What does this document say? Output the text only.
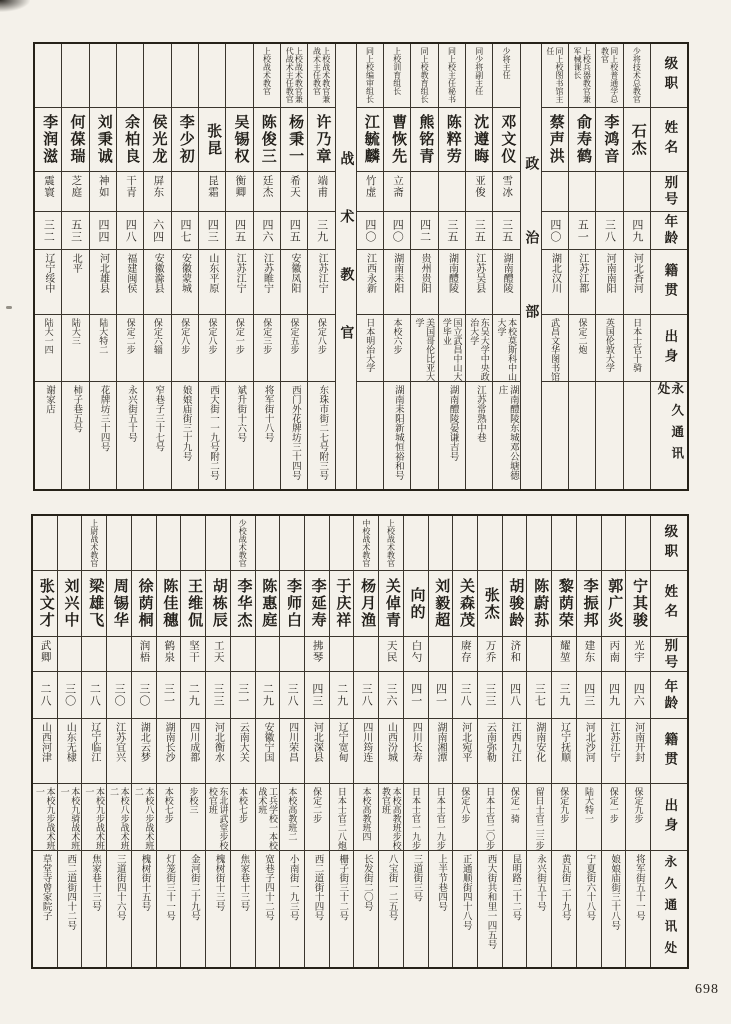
级职
姓名
别号
年龄
籍贯
出身
永久通讯处
少将技术总教官
石杰
四九
河北香河
日本士官十骑
同上校普通学总教官
李鸿音
三八
河南南阳
英国伦敦大学
上校兵器教官兼军械课长
俞寿鹤
五一
江苏江都
保定二炮
同上校图书馆主任
蔡声洪
四〇
湖北汉川
武昌文华图书馆
政治部
少将主任
邓文仪
雪冰
三五
湖南醴陵
本校莫斯科中山大学
湖南醴陵东城邓公塘德庄
同少将副主任
沈遵晦
亚俊
三五
江苏吴县
东吴大学中央政治大学
江苏常熟中巷
同上校主任秘书
陈粹劳
三五
湖南醴陵
国立武昌中山大学毕业
湖南醴陵晏谦吉号
同上校教育组长
熊铭青
四二
贵州贵阳
美国哥伦比亚大学
上校训育组长
曹恢先
立斋
四〇
湖南耒阳
本校六步
湖南耒阳新城恒裕和号
同上校编审组长
江毓麟
竹虚
四〇
江西永新
日本明治大学
战术教官
上校战术教官兼战术主任教官
许乃章
端甫
三九
江苏江宁
保定八步
东珠市街二七号附三号
上校战术教官兼代战术主任教官
杨秉一
希天
四五
安徽凤阳
保定五步
西门外花牌坊三十四号
上校战术教官
陈俊三
廷杰
四六
江苏睢宁
保定三步
将军街十八号
吴锡权
衡卿
四五
江苏江宁
保定一步
斌升街十六号
张昆
昆霜
四三
山东平原
保定八步
西大街一一九号附二号
李少初
四七
安徽蒙城
保定八步
娘娘庙街三十九号
侯光龙
屏东
六四
安徽滁县
保定六辎
窄巷子三十七号
余柏良
干青
四八
福建闽侯
保定二步
永兴街五十号
刘秉诚
神如
四四
河北雄县
陆大特二
花牌坊三十四号
何葆瑞
芝庭
五三
北平
陆大三
柿子巷五号
李润滋
震寰
三二
辽宁绥中
陆大一四
谢家店
级职
姓名
别号
年龄
籍贯
出身
永久通讯处
宁其骏
光宇
四六
河南开封
保定九步
将军街五十一号
郭广炎
丙南
四九
江苏江宁
保定一步
娘娘庙街三十八号
李振邦
建东
四三
河北沙河
陆大特一
宁夏街六十八号
黎荫荣
耀堃
三九
辽宁抚顺
保定九步
黄瓦街二十九号
陈蔚荪
三七
湖南安化
留日士官二三步
永兴街五十号
胡骏龄
济和
四八
江西九江
保定一骑
昆明路二十二号
张杰
万乔
三三
云南弥勒
日本士官二〇步
西大街共和里一四五号
关森茂
赓存
三八
河北宛平
保定八步
正通顺街四十八号
刘毅超
四一
湖南湘潭
日本士官一九步
上半节巷四号
向的
白勺
四一
四川长寿
日本士官一九步
三道街三号
上校战术教官
关倬青
天民
三六
山西汾城
本校高教班步校教官班
八宝街一二五号
中校战术教官
杨月渔
三八
四川筠连
本校高教班四
长发街二〇号
于庆祥
二九
辽宁宽甸
日本士官二八炮
栅子街三十二号
李延寿
拂琴
四三
河北深县
保定二步
西二道街十四号
李师白
三八
四川荣昌
本校高教班二
小南街一九三号
陈惠庭
二九
安徽宁国
工兵学校一本校战术班
宽巷子四十二号
少校战术教官
李华杰
三一
云南大关
本校七步
焦家巷十三号
胡栋辰
工天
三三
河北衡水
东北讲武堂步校校官班
槐树街十三号
王维侃
坚干
二九
四川成都
步校三
金河街二十九号
陈佳穗
鹤泉
三一
湖南长沙
本校七步
灯笼街三十一号
徐荫桐
润梧
三〇
湖北云梦
本校八步战术班二
槐树街十五号
周锡华
三〇
江苏宜兴
本校八步战术班二
三道街四十六号
上尉战术教官
梁雄飞
二八
辽宁临江
本校九步战术班一
焦家巷十三号
刘兴中
三〇
山东无棣
本校九骑战术班一
西二道街四十二号
张文才
武卿
二八
山西河津
本校九步战术班一
草堂寺曾家院子
698
